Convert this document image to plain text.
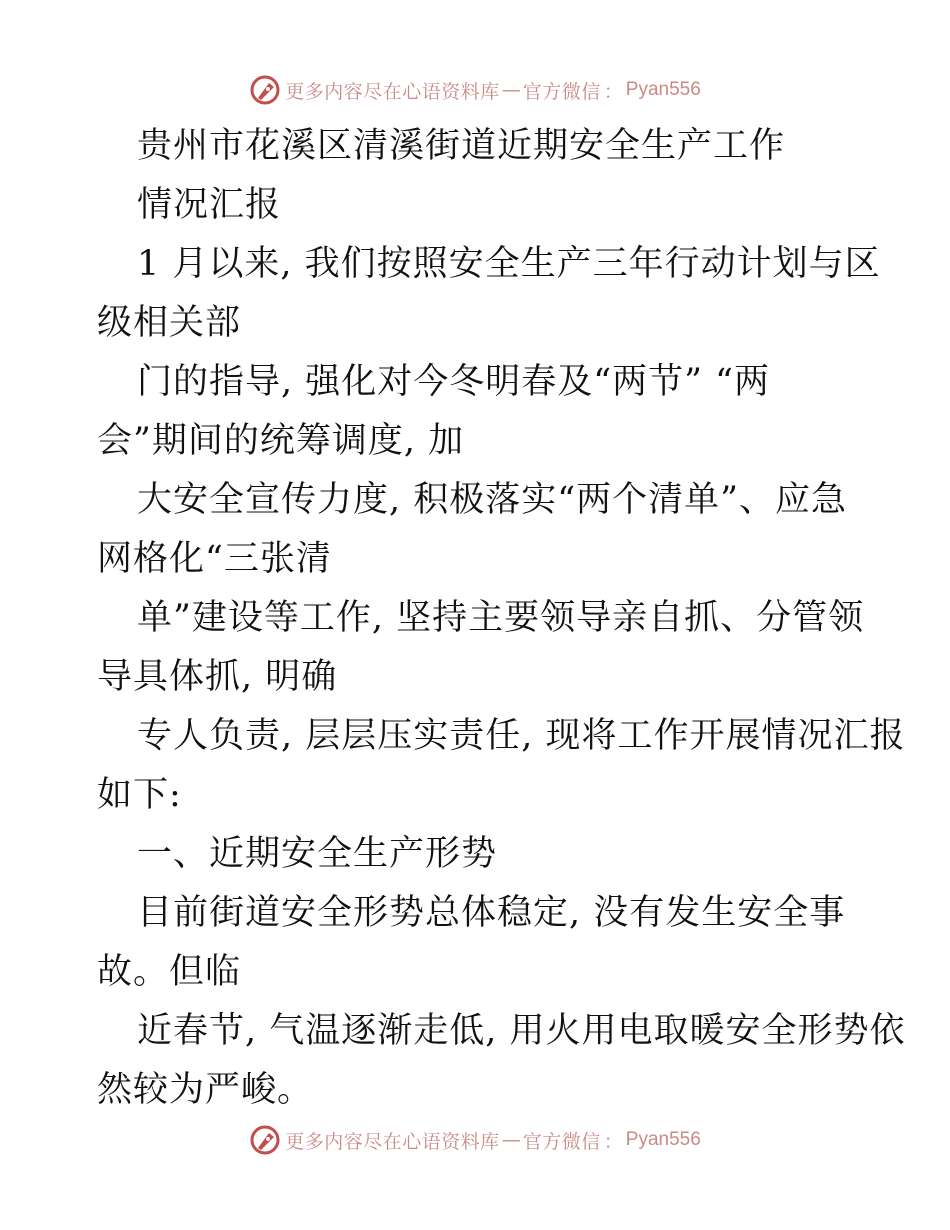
更多内容尽在心语资料库 — 官方微信 ： Pyan556
贵州市花溪区清溪街道近期安全生产工作
情况汇报
1 月以来, 我们按照安全生产三年行动计划与区
级相关部
门的指导, 强化对今冬明春及“两节” “两
会”期间的统筹调度, 加
大安全宣传力度, 积极落实“两个清单”、应急
网格化“三张清
单”建设等工作, 坚持主要领导亲自抓、分管领
导具体抓, 明确
专人负责, 层层压实责任, 现将工作开展情况汇报
如下:
一、近期安全生产形势
目前街道安全形势总体稳定, 没有发生安全事
故。但临
近春节, 气温逐渐走低, 用火用电取暖安全形势依
然较为严峻。
更多内容尽在心语资料库 — 官方微信 ： Pyan556
